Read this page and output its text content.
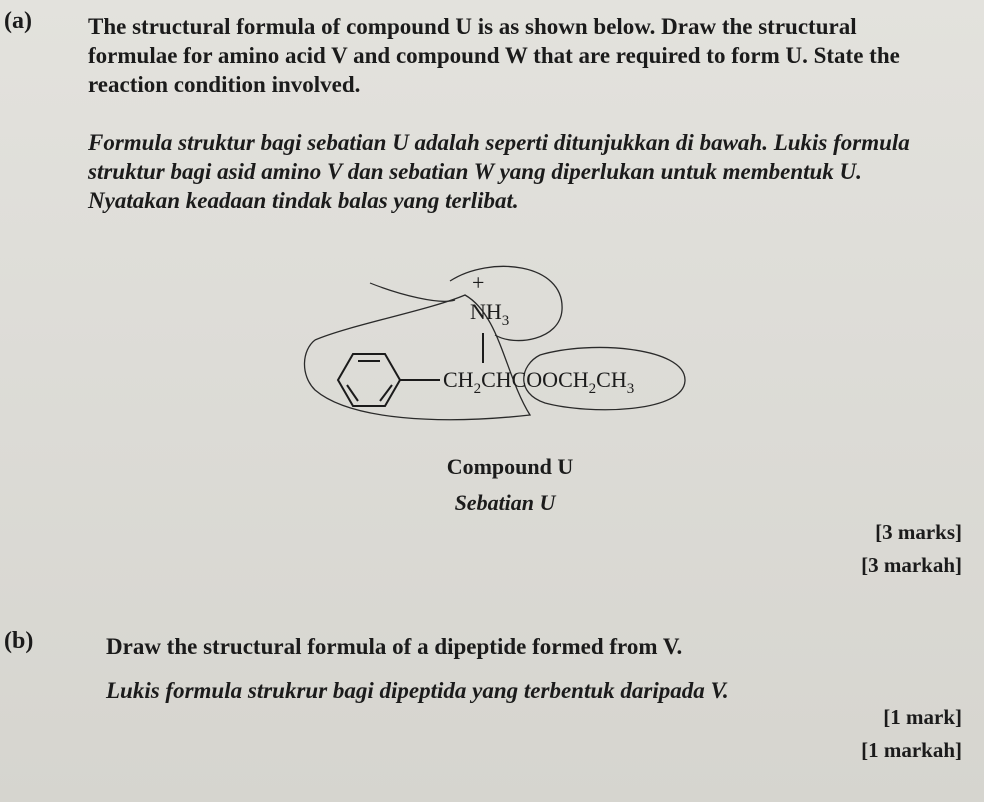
(a) The structural formula of compound U is as shown below. Draw the structural formulae for amino acid V and compound W that are required to form U. State the reaction condition involved.

Formula struktur bagi sebatian U adalah seperti ditunjukkan di bawah. Lukis formula struktur bagi asid amino V dan sebatian W yang diperlukan untuk membentuk U. Nyatakan keadaan tindak balas yang terlibat.

+
$NH_3$
$CH_2CHCOOCH_2CH_3$
Compound U
Sebatian U
[3 marks]
[3 markah]
(b)	Draw the structural formula of a dipeptide formed from V.

Lukis formula strukrur bagi dipeptida yang terbentuk daripada V.

[1 mark]
[1 markah]
